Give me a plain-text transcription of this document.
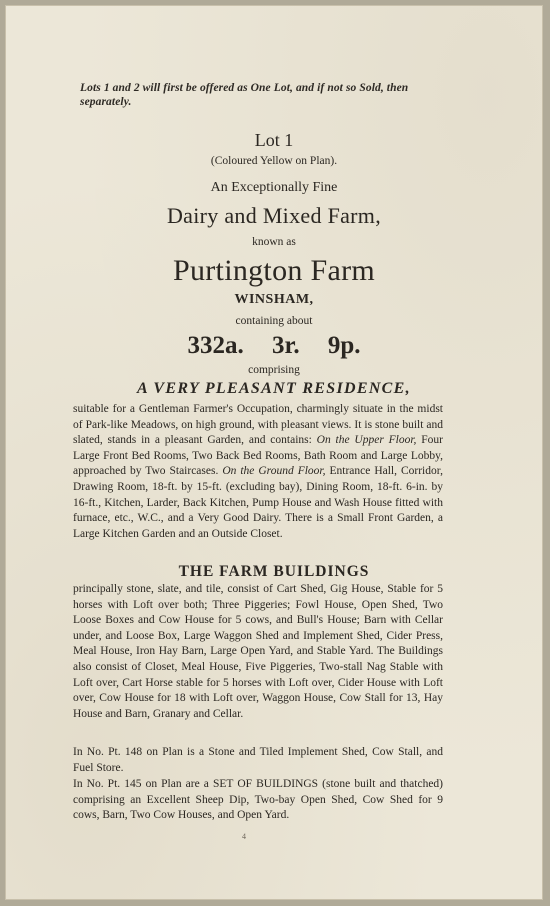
Lots 1 and 2 will first be offered as One Lot, and if not so Sold, then separately.
Lot 1
(Coloured Yellow on Plan).
An Exceptionally Fine
Dairy and Mixed Farm,
known as
Purtington Farm
WINSHAM,
containing about
332a. 3r. 9p.
comprising
A VERY PLEASANT RESIDENCE,

suitable for a Gentleman Farmer's Occupation, charmingly situate in the midst of Park-like Meadows, on high ground, with pleasant views. It is stone built and slated, stands in a pleasant Garden, and contains: On the Upper Floor, Four Large Front Bed Rooms, Two Back Bed Rooms, Bath Room and Large Lobby, approached by Two Staircases. On the Ground Floor, Entrance Hall, Corridor, Drawing Room, 18-ft. by 15-ft. (excluding bay), Dining Room, 18-ft. 6-in. by 16-ft., Kitchen, Larder, Back Kitchen, Pump House and Wash House fitted with furnace, etc., W.C., and a Very Good Dairy. There is a Small Front Garden, a Large Kitchen Garden and an Outside Closet.

THE FARM BUILDINGS

principally stone, slate, and tile, consist of Cart Shed, Gig House, Stable for 5 horses with Loft over both; Three Piggeries; Fowl House, Open Shed, Two Loose Boxes and Cow House for 5 cows, and Bull's House; Barn with Cellar under, and Loose Box, Large Waggon Shed and Implement Shed, Cider Press, Meal House, Iron Hay Barn, Large Open Yard, and Stable Yard. The Buildings also consist of Closet, Meal House, Five Piggeries, Two-stall Nag Stable with Loft over, Cart Horse stable for 5 horses with Loft over, Cider House with Loft over, Cow House for 18 with Loft over, Waggon House, Cow Stall for 13, Hay House and Barn, Granary and Cellar.

In No. Pt. 148 on Plan is a Stone and Tiled Implement Shed, Cow Stall, and Fuel Store.

In No. Pt. 145 on Plan are a SET OF BUILDINGS (stone built and thatched) comprising an Excellent Sheep Dip, Two-bay Open Shed, Cow Shed for 9 cows, Barn, Two Cow Houses, and Open Yard.

4
